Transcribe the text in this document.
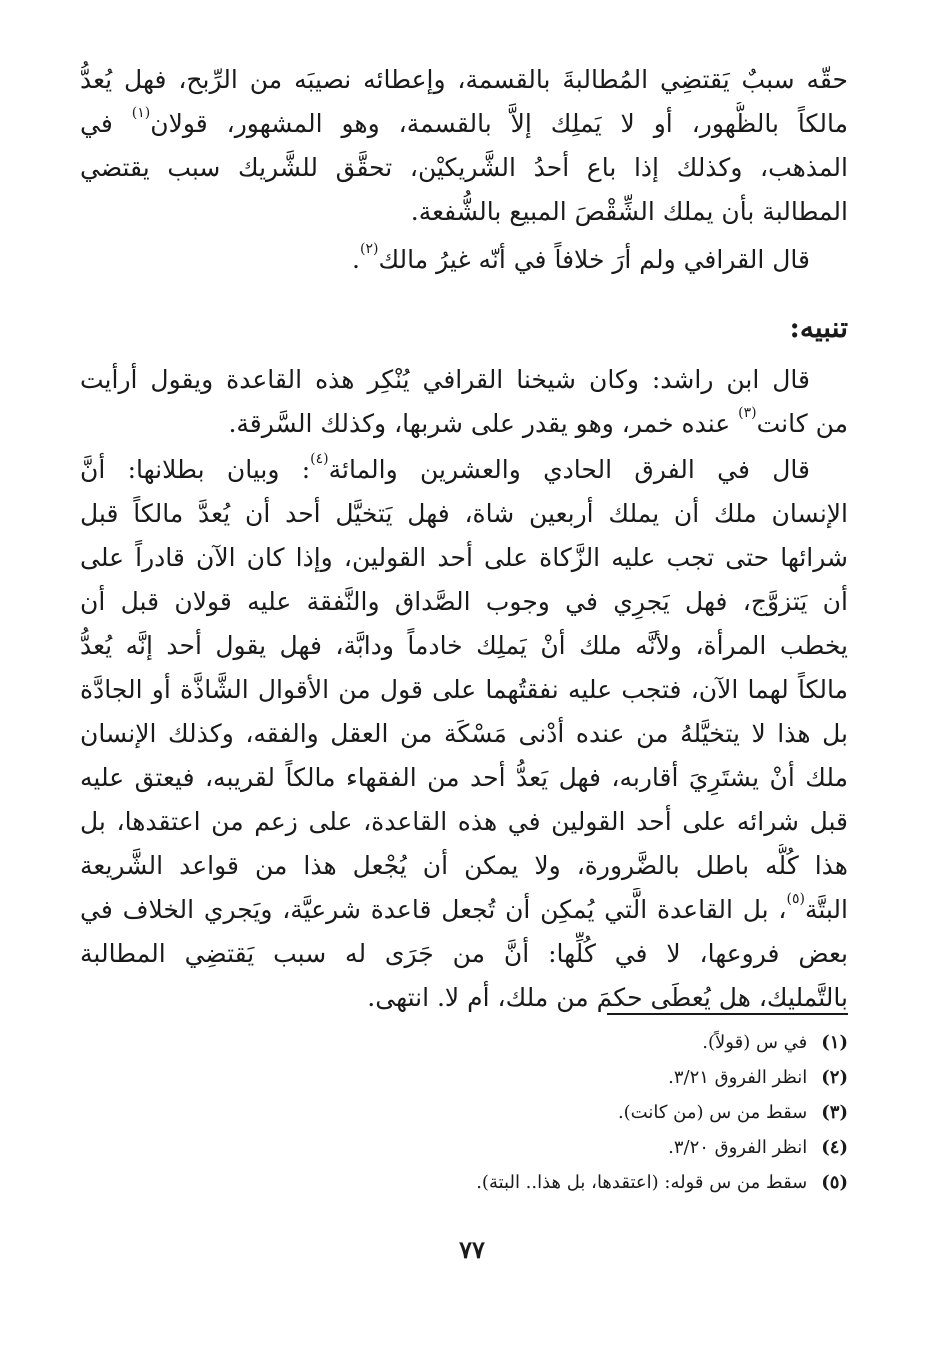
حقّه سببٌ يَقتضِي المُطالبةَ بالقسمة، وإعطائه نصيبَه من الرِّبح، فهل يُعدُّ
مالكاً بالظُّهور، أو لا يَملِك إلاَّ بالقسمة، وهو المشهور، قولان$^{(١)}$ في
المذهب، وكذلك إذا باع أحدُ الشَّريكيْن، تحقَّق للشَّريك سبب يقتضي
المطالبة بأن يملك الشِّقْصَ المبيع بالشُّفعة.
قال القرافي ولم أرَ خلافاً في أنّه غيرُ مالك$^{(٢)}$.
تنبيه:
قال ابن راشد: وكان شيخنا القرافي يُنْكِر هذه القاعدة ويقول أرأيت
من كانت$^{(٣)}$ عنده خمر، وهو يقدر على شربها، وكذلك السَّرقة.
قال في الفرق الحادي والعشرين والمائة$^{(٤)}$: وبيان بطلانها: أنَّ
الإنسان ملك أن يملك أربعين شاة، فهل يَتخيَّل أحد أن يُعدَّ مالكاً قبل
شرائها حتى تجب عليه الزَّكاة على أحد القولين، وإذا كان الآن قادراً على
أن يَتزوَّج، فهل يَجرِي في وجوب الصَّداق والنَّفقة عليه قولان قبل أن
يخطب المرأة، ولأنَّه ملك أنْ يَملِك خادماً ودابَّة، فهل يقول أحد إنَّه يُعدُّ
مالكاً لهما الآن، فتجب عليه نفقتُهما على قول من الأقوال الشَّاذَّة أو الجادَّة
بل هذا لا يتخيَّلهُ من عنده أدْنى مَسْكَة من العقل والفقه، وكذلك الإنسان
ملك أنْ يشتَرِيَ أقاربه، فهل يَعدُّ أحد من الفقهاء مالكاً لقريبه، فيعتق عليه
قبل شرائه على أحد القولين في هذه القاعدة، على زعم من اعتقدها، بل
هذا كُلُّه باطل بالضَّرورة، ولا يمكن أن يُجْعل هذا من قواعد الشَّريعة
البتَّة$^{(٥)}$، بل القاعدة الَّتي يُمكِن أن تُجعل قاعدة شرعيَّة، ويَجري الخلاف في
بعض فروعها، لا في كُلِّها: أنَّ من جَرَى له سبب يَقتضِي المطالبة
بالتَّمليك، هل يُعطَى حكمَ من ملك، أم لا. انتهى.
(١)في س (قولاً).
(٢)انظر الفروق ٣/٢١.
(٣)سقط من س (من كانت).
(٤)انظر الفروق ٣/٢٠.
(٥)سقط من س قوله: (اعتقدها، بل هذا.. البتة).
٧٧
